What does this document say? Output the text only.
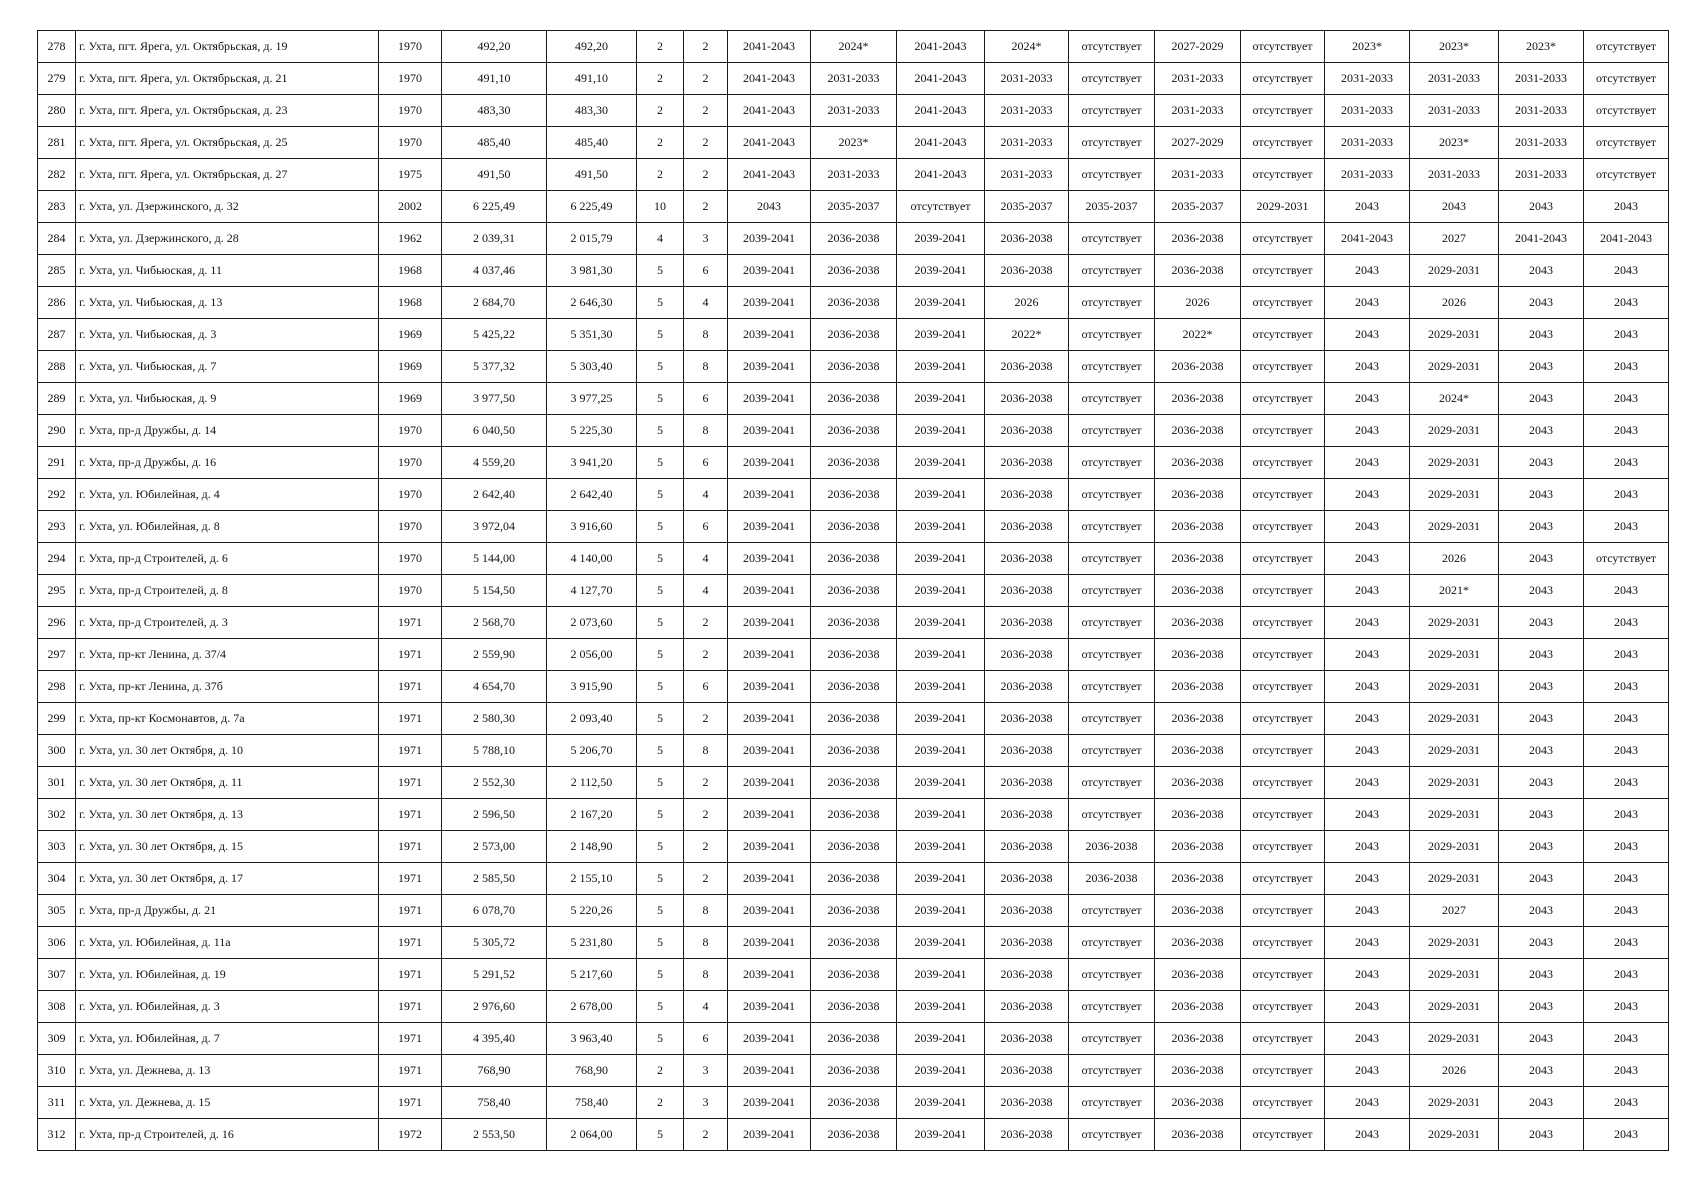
278	г. Ухта, пгт. Ярега, ул. Октябрьская, д. 19	1970	492,20	492,20	2	2	2041-2043	2024*	2041-2043	2024*	отсутствует	2027-2029	отсутствует	2023*	2023*	2023*	отсутствует
279	г. Ухта, пгт. Ярега, ул. Октябрьская, д. 21	1970	491,10	491,10	2	2	2041-2043	2031-2033	2041-2043	2031-2033	отсутствует	2031-2033	отсутствует	2031-2033	2031-2033	2031-2033	отсутствует
280	г. Ухта, пгт. Ярега, ул. Октябрьская, д. 23	1970	483,30	483,30	2	2	2041-2043	2031-2033	2041-2043	2031-2033	отсутствует	2031-2033	отсутствует	2031-2033	2031-2033	2031-2033	отсутствует
281	г. Ухта, пгт. Ярега, ул. Октябрьская, д. 25	1970	485,40	485,40	2	2	2041-2043	2023*	2041-2043	2031-2033	отсутствует	2027-2029	отсутствует	2031-2033	2023*	2031-2033	отсутствует
282	г. Ухта, пгт. Ярега, ул. Октябрьская, д. 27	1975	491,50	491,50	2	2	2041-2043	2031-2033	2041-2043	2031-2033	отсутствует	2031-2033	отсутствует	2031-2033	2031-2033	2031-2033	отсутствует
283	г. Ухта, ул. Дзержинского, д. 32	2002	6 225,49	6 225,49	10	2	2043	2035-2037	отсутствует	2035-2037	2035-2037	2035-2037	2029-2031	2043	2043	2043	2043
284	г. Ухта, ул. Дзержинского, д. 28	1962	2 039,31	2 015,79	4	3	2039-2041	2036-2038	2039-2041	2036-2038	отсутствует	2036-2038	отсутствует	2041-2043	2027	2041-2043	2041-2043
285	г. Ухта, ул. Чибьюская, д. 11	1968	4 037,46	3 981,30	5	6	2039-2041	2036-2038	2039-2041	2036-2038	отсутствует	2036-2038	отсутствует	2043	2029-2031	2043	2043
286	г. Ухта, ул. Чибьюская, д. 13	1968	2 684,70	2 646,30	5	4	2039-2041	2036-2038	2039-2041	2026	отсутствует	2026	отсутствует	2043	2026	2043	2043
287	г. Ухта, ул. Чибьюская, д. 3	1969	5 425,22	5 351,30	5	8	2039-2041	2036-2038	2039-2041	2022*	отсутствует	2022*	отсутствует	2043	2029-2031	2043	2043
288	г. Ухта, ул. Чибьюская, д. 7	1969	5 377,32	5 303,40	5	8	2039-2041	2036-2038	2039-2041	2036-2038	отсутствует	2036-2038	отсутствует	2043	2029-2031	2043	2043
289	г. Ухта, ул. Чибьюская, д. 9	1969	3 977,50	3 977,25	5	6	2039-2041	2036-2038	2039-2041	2036-2038	отсутствует	2036-2038	отсутствует	2043	2024*	2043	2043
290	г. Ухта, пр-д Дружбы, д. 14	1970	6 040,50	5 225,30	5	8	2039-2041	2036-2038	2039-2041	2036-2038	отсутствует	2036-2038	отсутствует	2043	2029-2031	2043	2043
291	г. Ухта, пр-д Дружбы, д. 16	1970	4 559,20	3 941,20	5	6	2039-2041	2036-2038	2039-2041	2036-2038	отсутствует	2036-2038	отсутствует	2043	2029-2031	2043	2043
292	г. Ухта, ул. Юбилейная, д. 4	1970	2 642,40	2 642,40	5	4	2039-2041	2036-2038	2039-2041	2036-2038	отсутствует	2036-2038	отсутствует	2043	2029-2031	2043	2043
293	г. Ухта, ул. Юбилейная, д. 8	1970	3 972,04	3 916,60	5	6	2039-2041	2036-2038	2039-2041	2036-2038	отсутствует	2036-2038	отсутствует	2043	2029-2031	2043	2043
294	г. Ухта, пр-д Строителей, д. 6	1970	5 144,00	4 140,00	5	4	2039-2041	2036-2038	2039-2041	2036-2038	отсутствует	2036-2038	отсутствует	2043	2026	2043	отсутствует
295	г. Ухта, пр-д Строителей, д. 8	1970	5 154,50	4 127,70	5	4	2039-2041	2036-2038	2039-2041	2036-2038	отсутствует	2036-2038	отсутствует	2043	2021*	2043	2043
296	г. Ухта, пр-д Строителей, д. 3	1971	2 568,70	2 073,60	5	2	2039-2041	2036-2038	2039-2041	2036-2038	отсутствует	2036-2038	отсутствует	2043	2029-2031	2043	2043
297	г. Ухта, пр-кт Ленина, д. 37/4	1971	2 559,90	2 056,00	5	2	2039-2041	2036-2038	2039-2041	2036-2038	отсутствует	2036-2038	отсутствует	2043	2029-2031	2043	2043
298	г. Ухта, пр-кт Ленина, д. 37б	1971	4 654,70	3 915,90	5	6	2039-2041	2036-2038	2039-2041	2036-2038	отсутствует	2036-2038	отсутствует	2043	2029-2031	2043	2043
299	г. Ухта, пр-кт Космонавтов, д. 7а	1971	2 580,30	2 093,40	5	2	2039-2041	2036-2038	2039-2041	2036-2038	отсутствует	2036-2038	отсутствует	2043	2029-2031	2043	2043
300	г. Ухта, ул. 30 лет Октября, д. 10	1971	5 788,10	5 206,70	5	8	2039-2041	2036-2038	2039-2041	2036-2038	отсутствует	2036-2038	отсутствует	2043	2029-2031	2043	2043
301	г. Ухта, ул. 30 лет Октября, д. 11	1971	2 552,30	2 112,50	5	2	2039-2041	2036-2038	2039-2041	2036-2038	отсутствует	2036-2038	отсутствует	2043	2029-2031	2043	2043
302	г. Ухта, ул. 30 лет Октября, д. 13	1971	2 596,50	2 167,20	5	2	2039-2041	2036-2038	2039-2041	2036-2038	отсутствует	2036-2038	отсутствует	2043	2029-2031	2043	2043
303	г. Ухта, ул. 30 лет Октября, д. 15	1971	2 573,00	2 148,90	5	2	2039-2041	2036-2038	2039-2041	2036-2038	2036-2038	2036-2038	отсутствует	2043	2029-2031	2043	2043
304	г. Ухта, ул. 30 лет Октября, д. 17	1971	2 585,50	2 155,10	5	2	2039-2041	2036-2038	2039-2041	2036-2038	2036-2038	2036-2038	отсутствует	2043	2029-2031	2043	2043
305	г. Ухта, пр-д Дружбы, д. 21	1971	6 078,70	5 220,26	5	8	2039-2041	2036-2038	2039-2041	2036-2038	отсутствует	2036-2038	отсутствует	2043	2027	2043	2043
306	г. Ухта, ул. Юбилейная, д. 11а	1971	5 305,72	5 231,80	5	8	2039-2041	2036-2038	2039-2041	2036-2038	отсутствует	2036-2038	отсутствует	2043	2029-2031	2043	2043
307	г. Ухта, ул. Юбилейная, д. 19	1971	5 291,52	5 217,60	5	8	2039-2041	2036-2038	2039-2041	2036-2038	отсутствует	2036-2038	отсутствует	2043	2029-2031	2043	2043
308	г. Ухта, ул. Юбилейная, д. 3	1971	2 976,60	2 678,00	5	4	2039-2041	2036-2038	2039-2041	2036-2038	отсутствует	2036-2038	отсутствует	2043	2029-2031	2043	2043
309	г. Ухта, ул. Юбилейная, д. 7	1971	4 395,40	3 963,40	5	6	2039-2041	2036-2038	2039-2041	2036-2038	отсутствует	2036-2038	отсутствует	2043	2029-2031	2043	2043
310	г. Ухта, ул. Дежнева, д. 13	1971	768,90	768,90	2	3	2039-2041	2036-2038	2039-2041	2036-2038	отсутствует	2036-2038	отсутствует	2043	2026	2043	2043
311	г. Ухта, ул. Дежнева, д. 15	1971	758,40	758,40	2	3	2039-2041	2036-2038	2039-2041	2036-2038	отсутствует	2036-2038	отсутствует	2043	2029-2031	2043	2043
312	г. Ухта, пр-д Строителей, д. 16	1972	2 553,50	2 064,00	5	2	2039-2041	2036-2038	2039-2041	2036-2038	отсутствует	2036-2038	отсутствует	2043	2029-2031	2043	2043
